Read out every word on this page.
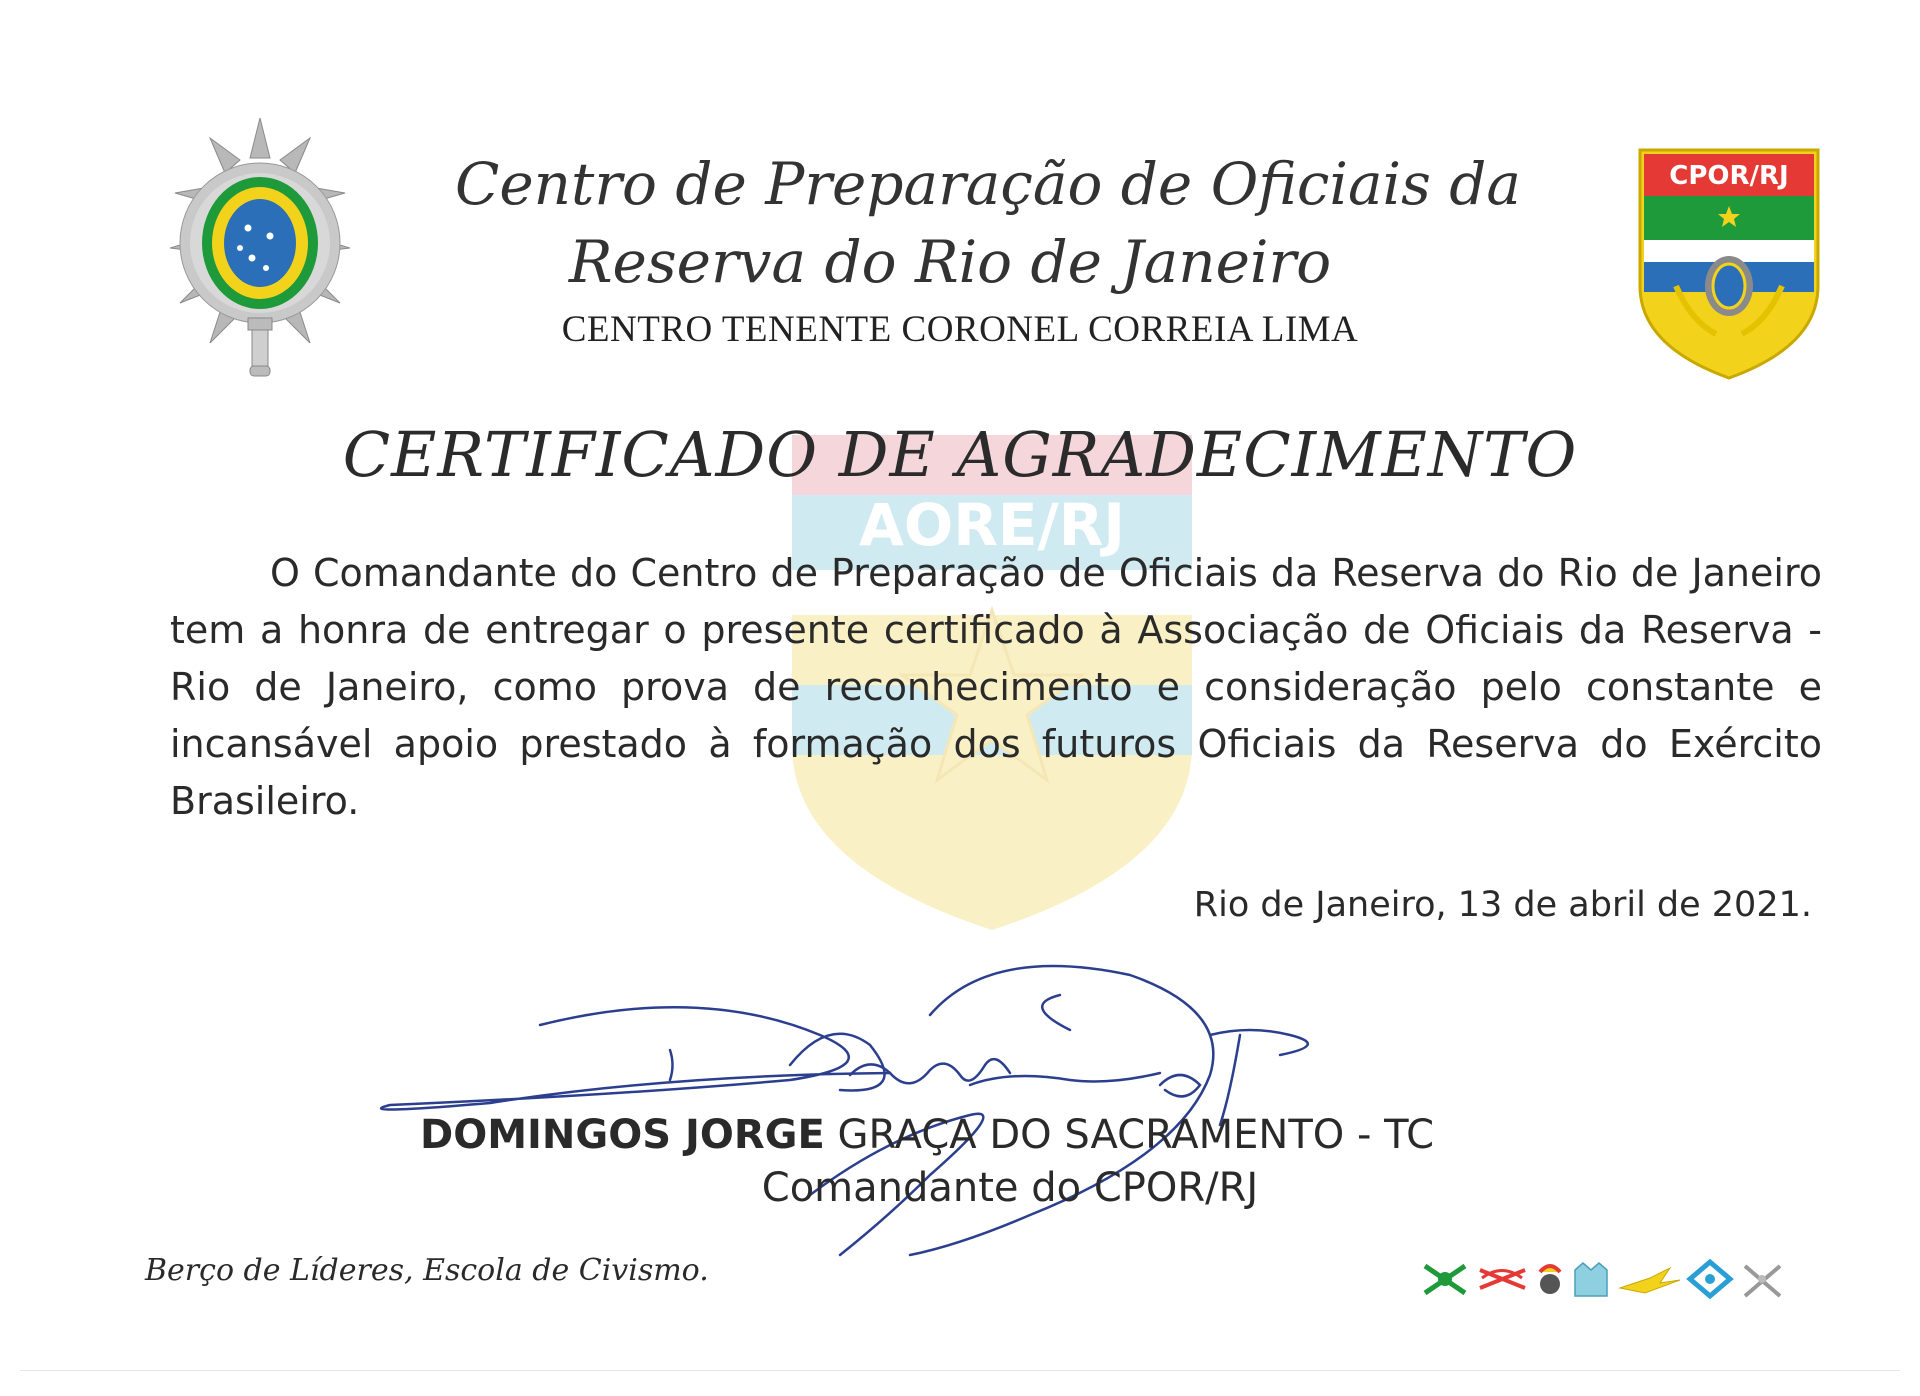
Centro de Preparação de Oficiais da
Reserva do Rio de Janeiro
CENTRO TENENTE CORONEL CORREIA LIMA
CPOR/RJ
AORE/RJ
CERTIFICADO DE AGRADECIMENTO
O Comandante do Centro de Preparação de Oficiais da Reserva do Rio de Janeiro tem a honra de entregar o presente certificado à Associação de Oficiais da Reserva - Rio de Janeiro, como prova de reconhecimento e consideração pelo constante e incansável apoio prestado à formação dos futuros Oficiais da Reserva do Exército Brasileiro.
Rio de Janeiro, 13 de abril de 2021.
DOMINGOS JORGE GRAÇA DO SACRAMENTO - TC
Comandante do CPOR/RJ
Berço de Líderes, Escola de Civismo.
